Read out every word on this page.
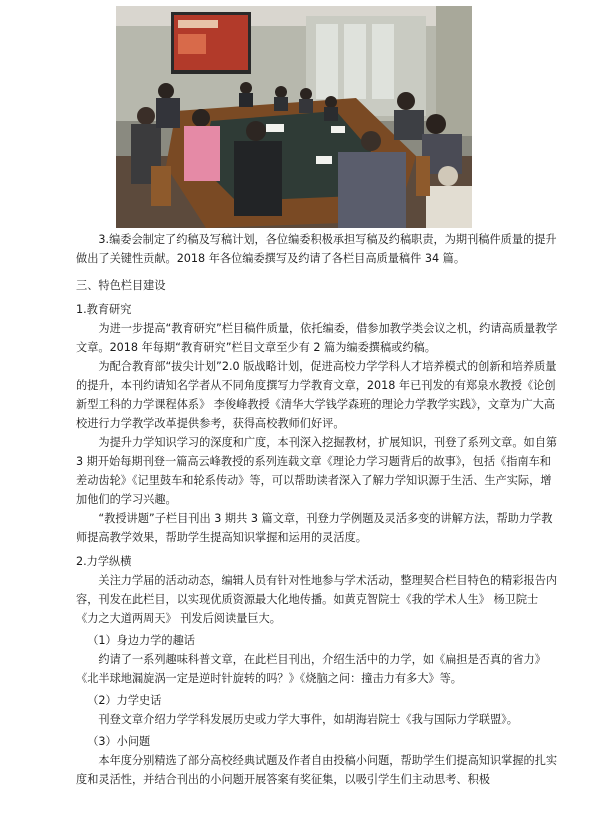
3.编委会制定了约稿及写稿计划，各位编委积极承担写稿及约稿职责，为期刊稿件质量的提升做出了关键性贡献。2018 年各位编委撰写及约请了各栏目高质量稿件 34 篇。

三、特色栏目建设

1.教育研究

为进一步提高“教育研究”栏目稿件质量，依托编委，借参加教学类会议之机，约请高质量教学文章。2018 年每期“教育研究”栏目文章至少有 2 篇为编委撰稿或约稿。

为配合教育部“拔尖计划”2.0 版战略计划，促进高校力学学科人才培养模式的创新和培养质量的提升，本刊约请知名学者从不同角度撰写力学教育文章，2018 年已刊发的有郑泉水教授《论创新型工科的力学课程体系》 李俊峰教授《清华大学钱学森班的理论力学教学实践》，文章为广大高校进行力学教学改革提供参考，获得高校教师们好评。

为提升力学知识学习的深度和广度，本刊深入挖掘教材，扩展知识，刊登了系列文章。如自第 3 期开始每期刊登一篇高云峰教授的系列连载文章《理论力学习题背后的故事》，包括《指南车和差动齿轮》《记里鼓车和轮系传动》等，可以帮助读者深入了解力学知识源于生活、生产实际，增加他们的学习兴趣。

“教授讲题”子栏目刊出 3 期共 3 篇文章，刊登力学例题及灵活多变的讲解方法，帮助力学教师提高教学效果，帮助学生提高知识掌握和运用的灵活度。

2.力学纵横

关注力学届的活动动态，编辑人员有针对性地参与学术活动，整理契合栏目特色的精彩报告内容，刊发在此栏目，以实现优质资源最大化地传播。如黄克智院士《我的学术人生》 杨卫院士《力之大道两周天》 刊发后阅读量巨大。

（1）身边力学的趣话

约请了一系列趣味科普文章，在此栏目刊出，介绍生活中的力学，如《扁担是否真的省力》《北半球地漏旋涡一定是逆时针旋转的吗？》《烧脑之问：撞击力有多大》等。

（2）力学史话

刊登文章介绍力学学科发展历史或力学大事件，如胡海岩院士《我与国际力学联盟》。

（3）小问题

本年度分别精选了部分高校经典试题及作者自由投稿小问题，帮助学生们提高知识掌握的扎实度和灵活性，并结合刊出的小问题开展答案有奖征集，以吸引学生们主动思考、积极
